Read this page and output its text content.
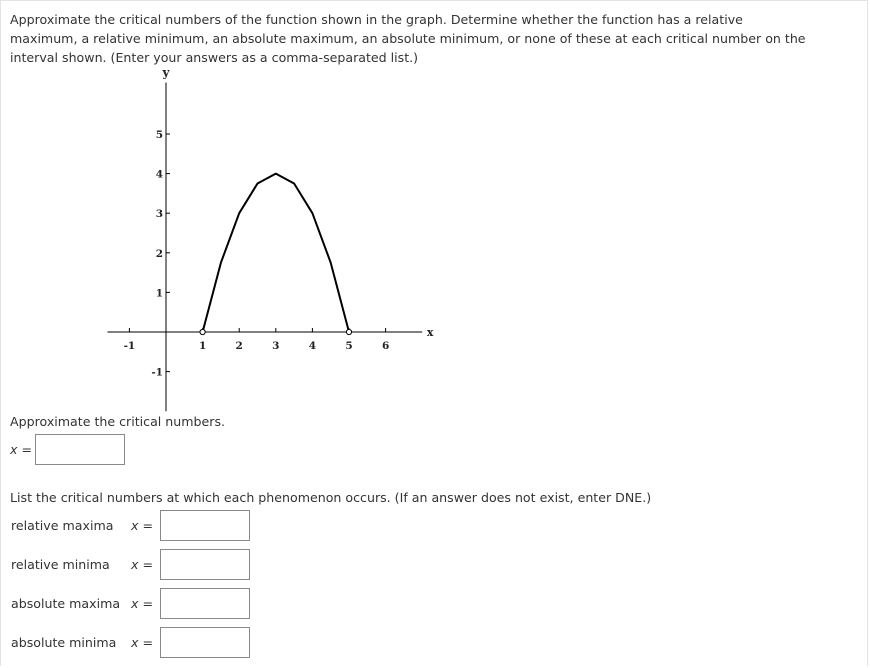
Approximate the critical numbers of the function shown in the graph. Determine whether the function has a relative maximum, a relative minimum, an absolute maximum, an absolute minimum, or none of these at each critical number on the interval shown. (Enter your answers as a comma-separated list.)
x
y
-1	1	2	3	4	5	6
5
4
3
2
1
-1
Approximate the critical numbers.
x =
List the critical numbers at which each phenomenon occurs. (If an answer does not exist, enter DNE.)
relative maxima x =
relative minima x =
absolute maxima x =
absolute minima x =
